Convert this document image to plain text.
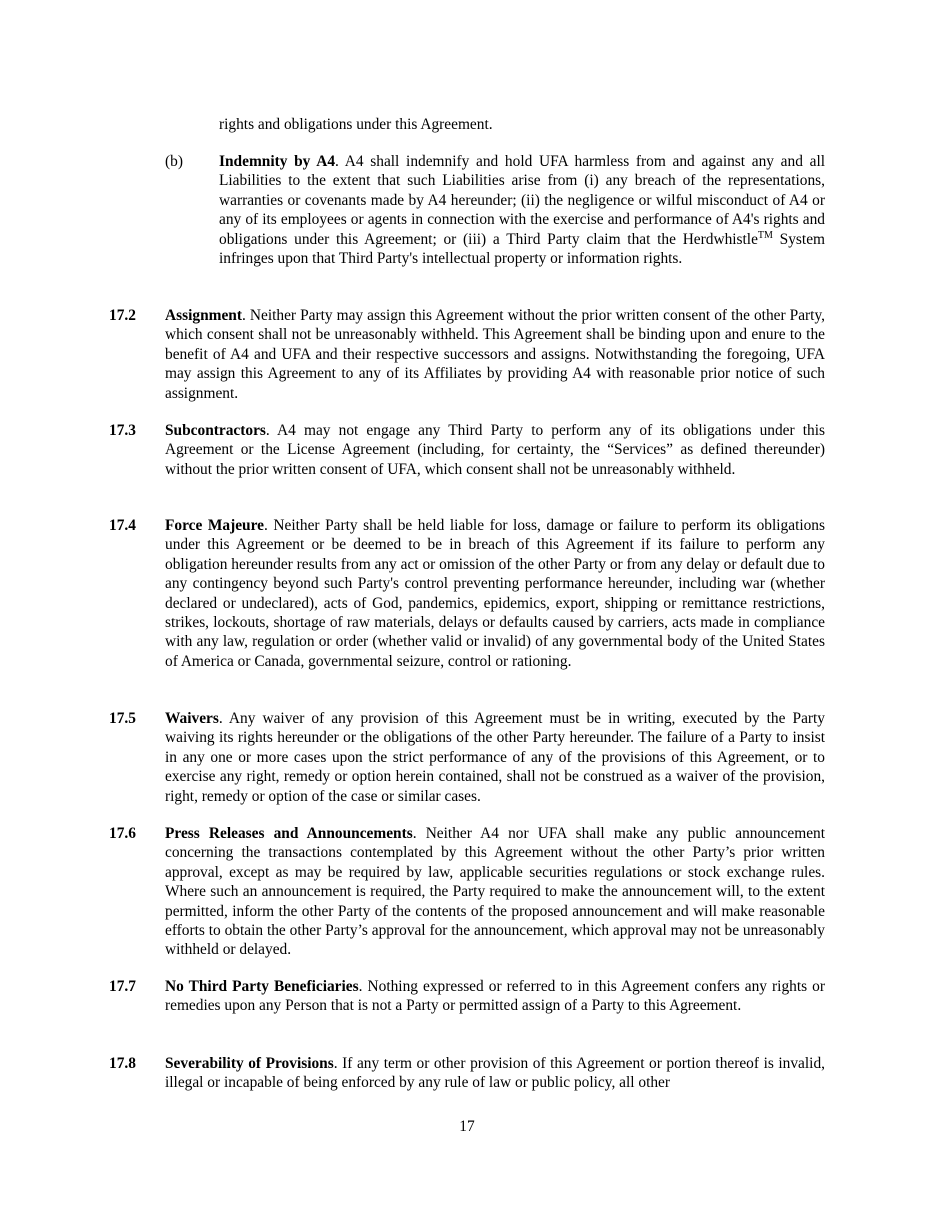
rights and obligations under this Agreement.

(b) Indemnity by A4. A4 shall indemnify and hold UFA harmless from and against any and all Liabilities to the extent that such Liabilities arise from (i) any breach of the representations, warranties or covenants made by A4 hereunder; (ii) the negligence or wilful misconduct of A4 or any of its employees or agents in connection with the exercise and performance of A4's rights and obligations under this Agreement; or (iii) a Third Party claim that the Herdwhistle™ System infringes upon that Third Party's intellectual property or information rights.

17.2 Assignment. Neither Party may assign this Agreement without the prior written consent of the other Party, which consent shall not be unreasonably withheld. This Agreement shall be binding upon and enure to the benefit of A4 and UFA and their respective successors and assigns. Notwithstanding the foregoing, UFA may assign this Agreement to any of its Affiliates by providing A4 with reasonable prior notice of such assignment.

17.3 Subcontractors. A4 may not engage any Third Party to perform any of its obligations under this Agreement or the License Agreement (including, for certainty, the “Services” as defined thereunder) without the prior written consent of UFA, which consent shall not be unreasonably withheld.

17.4 Force Majeure. Neither Party shall be held liable for loss, damage or failure to perform its obligations under this Agreement or be deemed to be in breach of this Agreement if its failure to perform any obligation hereunder results from any act or omission of the other Party or from any delay or default due to any contingency beyond such Party's control preventing performance hereunder, including war (whether declared or undeclared), acts of God, pandemics, epidemics, export, shipping or remittance restrictions, strikes, lockouts, shortage of raw materials, delays or defaults caused by carriers, acts made in compliance with any law, regulation or order (whether valid or invalid) of any governmental body of the United States of America or Canada, governmental seizure, control or rationing.

17.5 Waivers. Any waiver of any provision of this Agreement must be in writing, executed by the Party waiving its rights hereunder or the obligations of the other Party hereunder. The failure of a Party to insist in any one or more cases upon the strict performance of any of the provisions of this Agreement, or to exercise any right, remedy or option herein contained, shall not be construed as a waiver of the provision, right, remedy or option of the case or similar cases.

17.6 Press Releases and Announcements. Neither A4 nor UFA shall make any public announcement concerning the transactions contemplated by this Agreement without the other Party’s prior written approval, except as may be required by law, applicable securities regulations or stock exchange rules. Where such an announcement is required, the Party required to make the announcement will, to the extent permitted, inform the other Party of the contents of the proposed announcement and will make reasonable efforts to obtain the other Party’s approval for the announcement, which approval may not be unreasonably withheld or delayed.

17.7 No Third Party Beneficiaries. Nothing expressed or referred to in this Agreement confers any rights or remedies upon any Person that is not a Party or permitted assign of a Party to this Agreement.

17.8 Severability of Provisions. If any term or other provision of this Agreement or portion thereof is invalid, illegal or incapable of being enforced by any rule of law or public policy, all other

17
